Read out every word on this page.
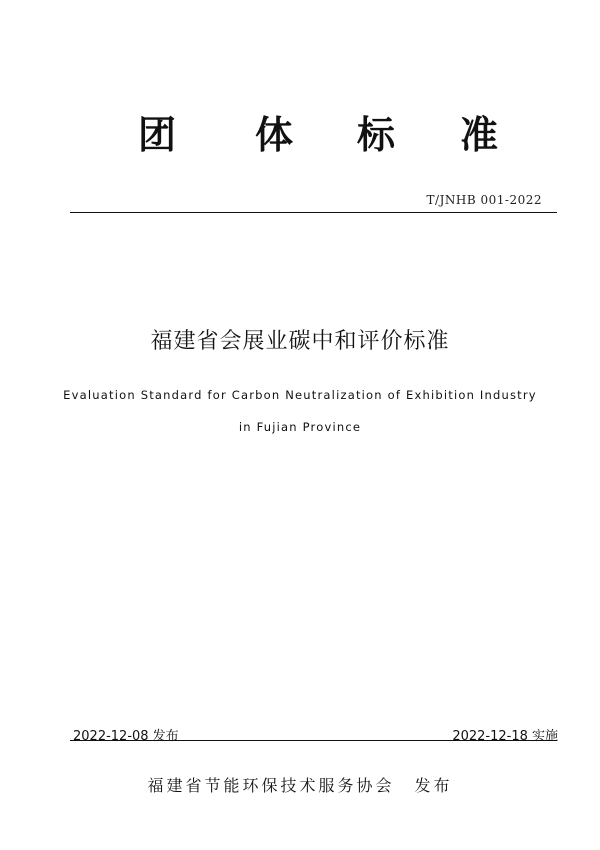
团 体 标 准
T/JNHB 001-2022
福建省会展业碳中和评价标准
Evaluation Standard for Carbon Neutralization of Exhibition Industry
in Fujian Province
2022-12-08 发布	2022-12-18 实施
福建省节能环保技术服务协会 发布
